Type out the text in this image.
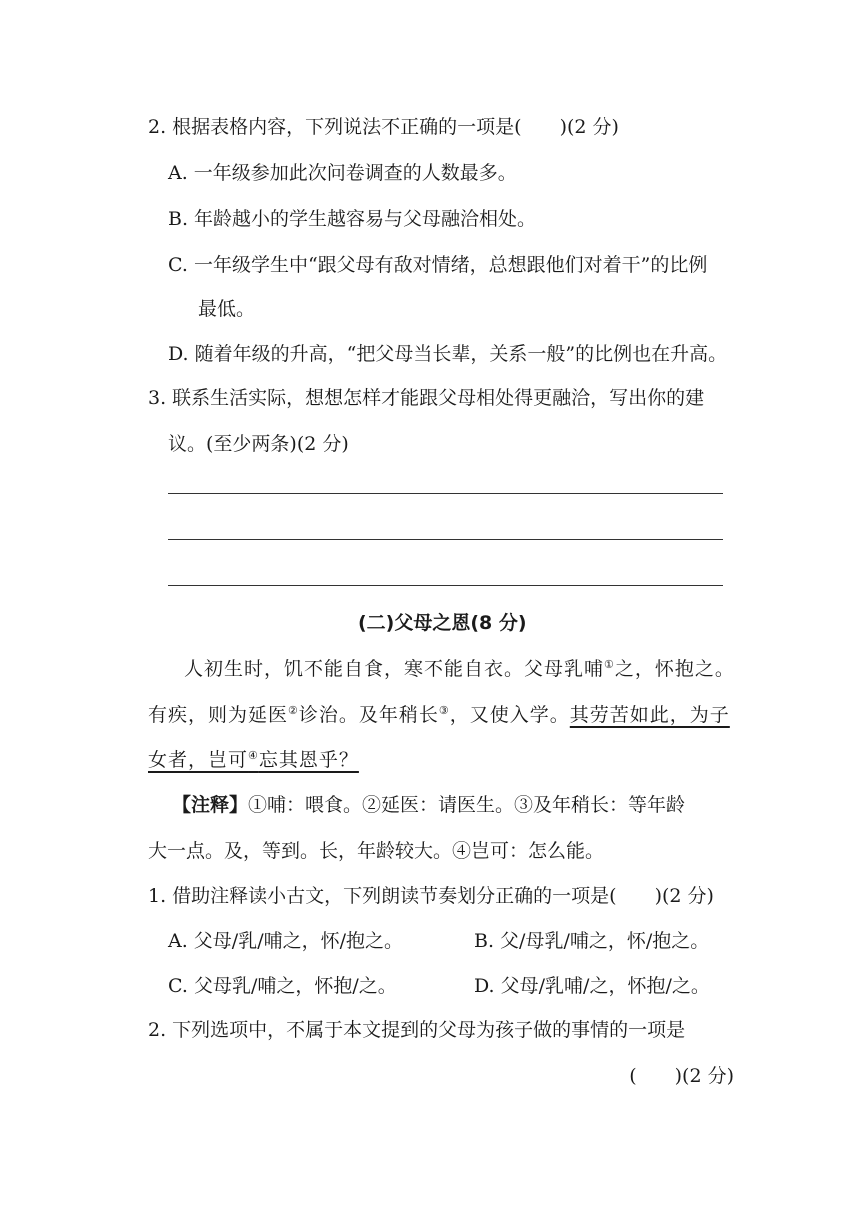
2. 根据表格内容，下列说法不正确的一项是(　　)(2 分)
A. 一年级参加此次问卷调查的人数最多。
B. 年龄越小的学生越容易与父母融洽相处。
C. 一年级学生中“跟父母有敌对情绪，总想跟他们对着干”的比例
最低。
D. 随着年级的升高，“把父母当长辈，关系一般”的比例也在升高。
3. 联系生活实际，想想怎样才能跟父母相处得更融洽，写出你的建
议。(至少两条)(2 分)
(二)父母之恩(8 分)
人初生时，饥不能自食，寒不能自衣。父母乳哺①之，怀抱之。
有疾，则为延医②诊治。及年稍长③，又使入学。其劳苦如此，为子
女者，岂可④忘其恩乎？
【注释】①哺：喂食。②延医：请医生。③及年稍长：等年龄
大一点。及，等到。长，年龄较大。④岂可：怎么能。
1. 借助注释读小古文，下列朗读节奏划分正确的一项是(　　)(2 分)
A. 父母/乳/哺之，怀/抱之。	B. 父/母乳/哺之，怀/抱之。
C. 父母乳/哺之，怀抱/之。	D. 父母/乳哺/之，怀抱/之。
2. 下列选项中，不属于本文提到的父母为孩子做的事情的一项是
(　　)(2 分)
